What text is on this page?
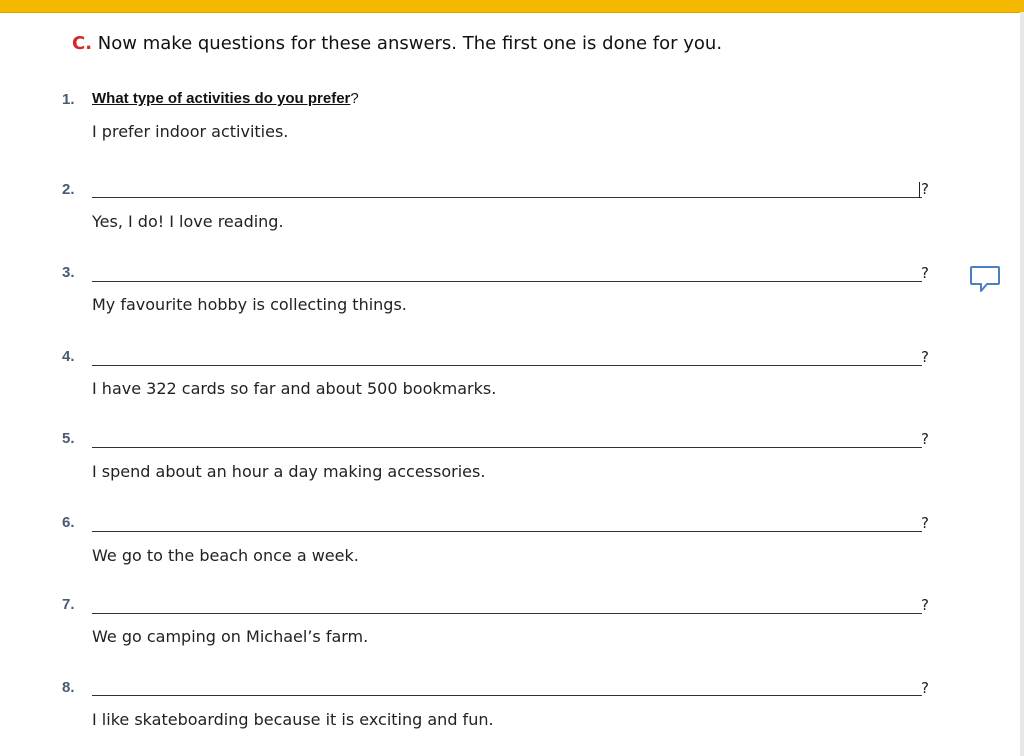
C. Now make questions for these answers. The first one is done for you.
1. What type of activities do you prefer?
I prefer indoor activities.
2.	?
Yes, I do! I love reading.
3.	?
My favourite hobby is collecting things.
4.	?
I have 322 cards so far and about 500 bookmarks.
5.	?
I spend about an hour a day making accessories.
6.	?
We go to the beach once a week.
7.	?
We go camping on Michael’s farm.
8.	?
I like skateboarding because it is exciting and fun.
